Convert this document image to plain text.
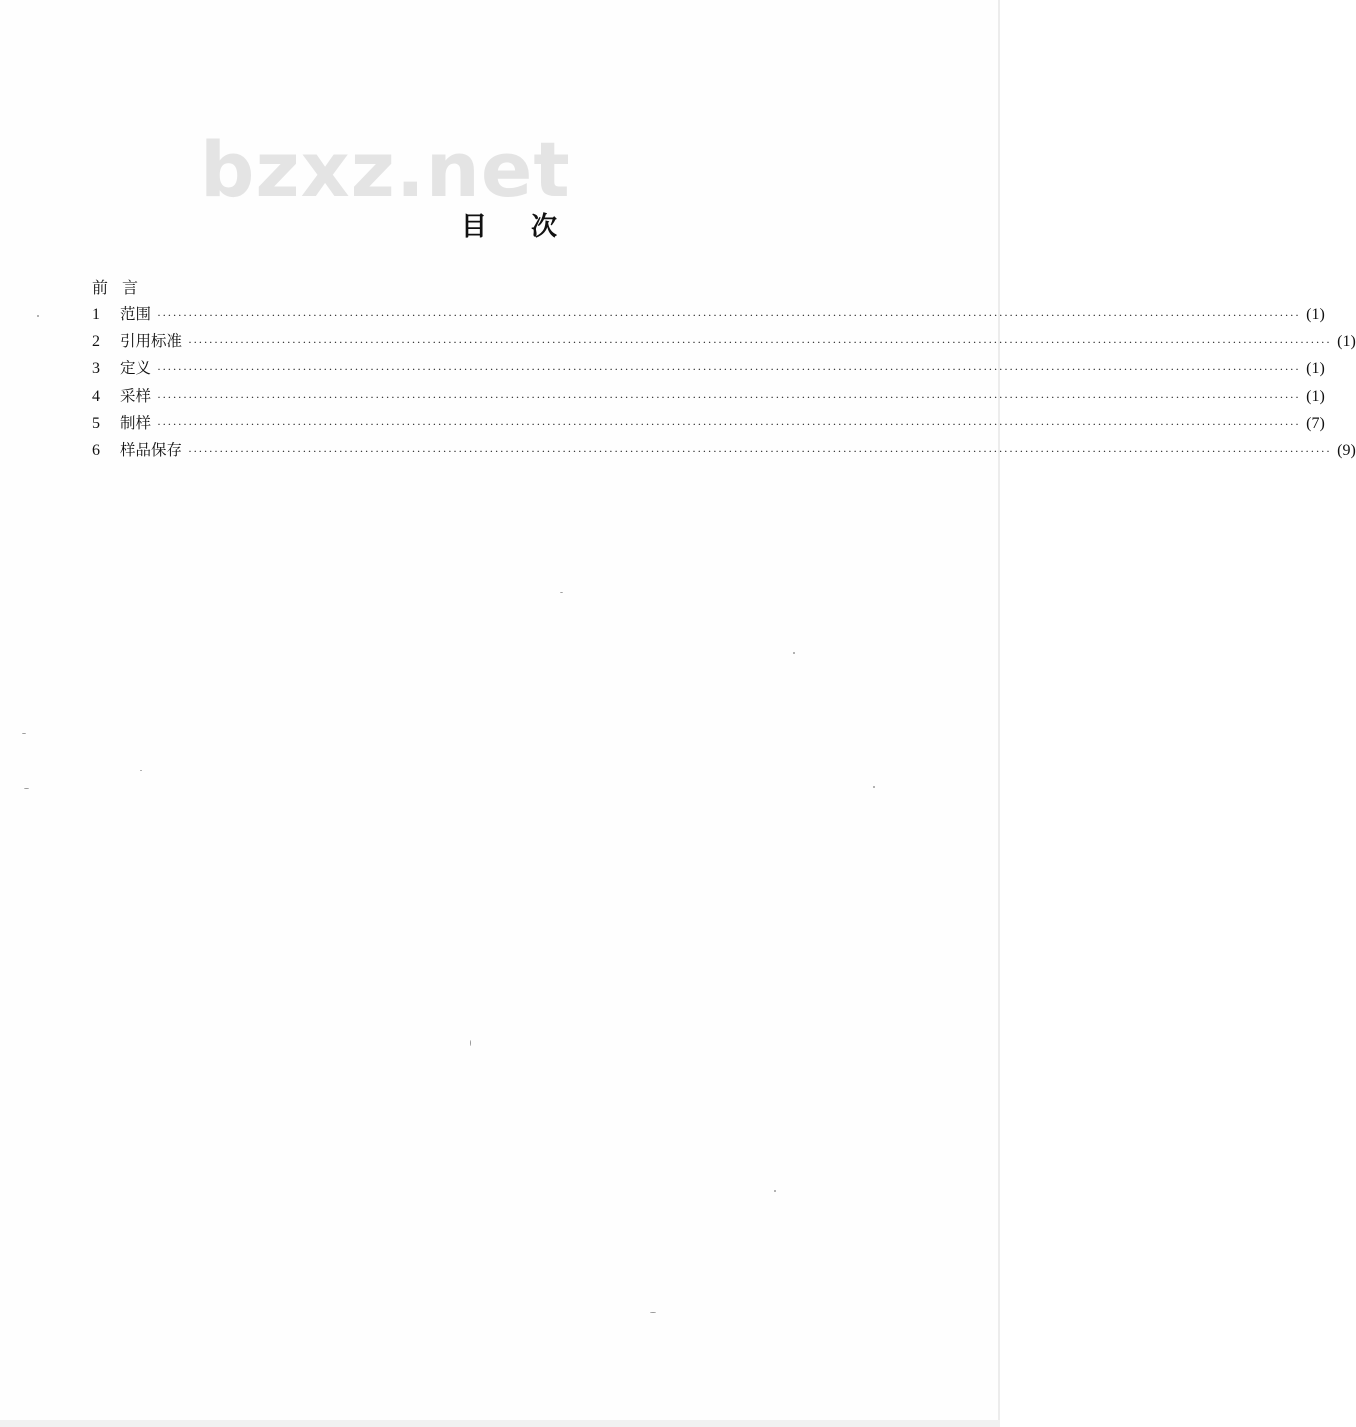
bzxz.net
目 次
前 言
1	范围 ···························································································································································································································· (1)
2	引用标准 ···························································································································································································································· (1)
3	定义 ···························································································································································································································· (1)
4	采样 ···························································································································································································································· (1)
5	制样 ···························································································································································································································· (7)
6	样品保存 ···························································································································································································································· (9)
